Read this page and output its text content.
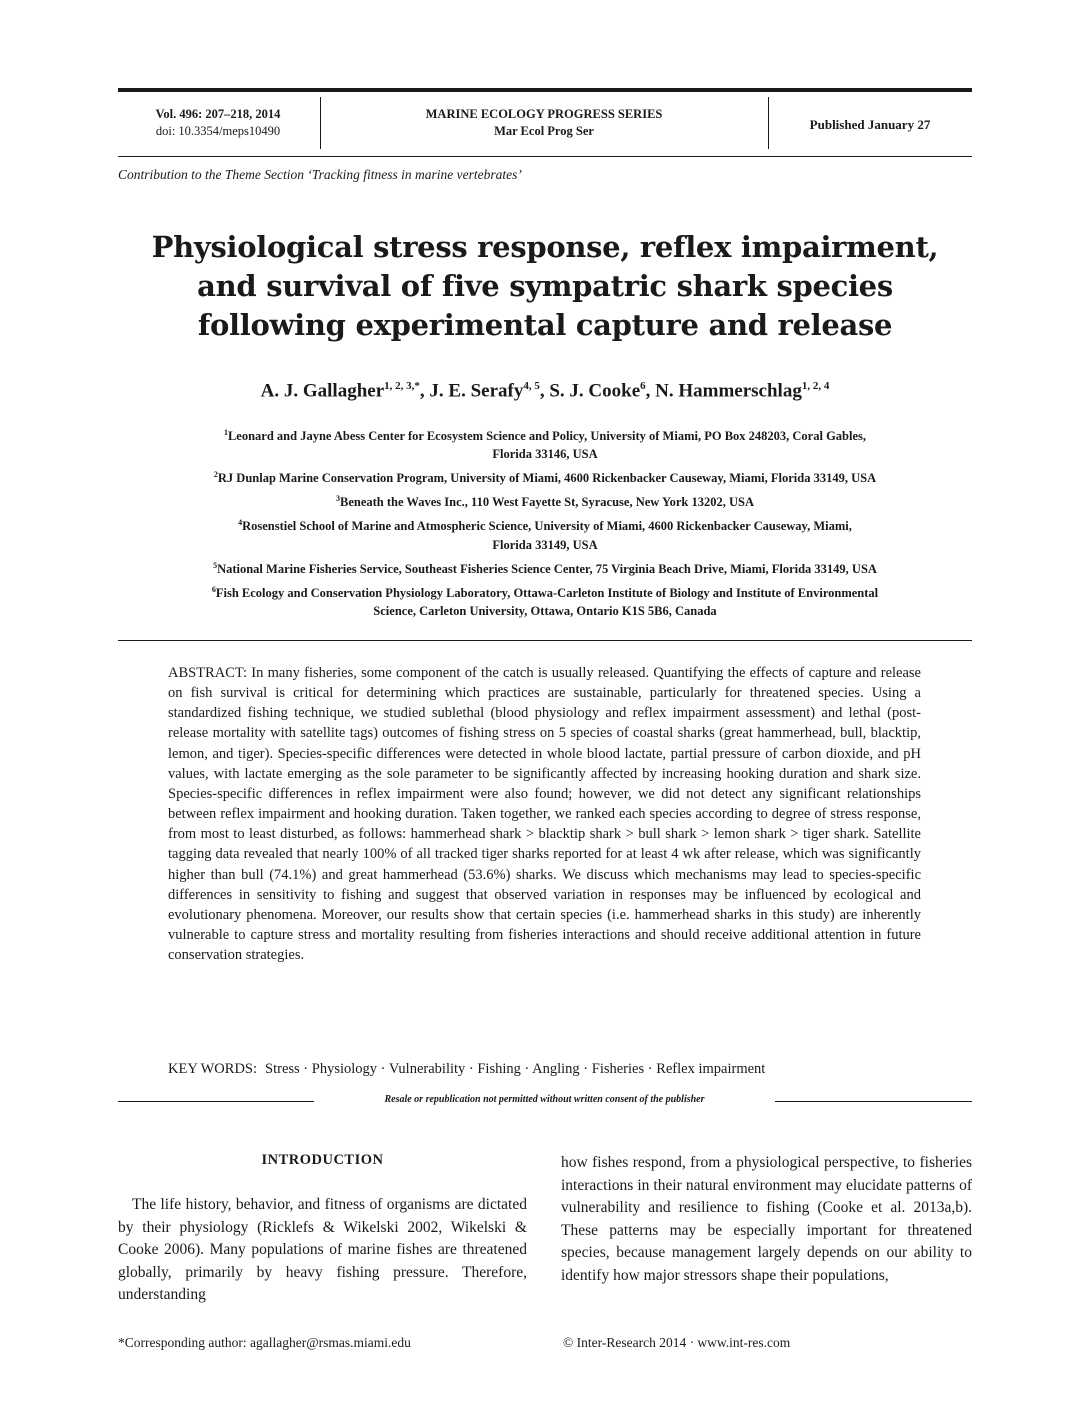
Vol. 496: 207–218, 2014
doi: 10.3354/meps10490
MARINE ECOLOGY PROGRESS SERIES
Mar Ecol Prog Ser	Published January 27
Contribution to the Theme Section ‘Tracking fitness in marine vertebrates’
Physiological stress response, reflex impairment,
and survival of five sympatric shark species
following experimental capture and release
A. J. Gallagher$^{1, 2, 3,*}$, J. E. Serafy$^{4, 5}$, S. J. Cooke$^6$, N. Hammerschlag$^{1, 2, 4}$
$^1$Leonard and Jayne Abess Center for Ecosystem Science and Policy, University of Miami, PO Box 248203, Coral Gables,
Florida 33146, USA
$^2$RJ Dunlap Marine Conservation Program, University of Miami, 4600 Rickenbacker Causeway, Miami, Florida 33149, USA
$^3$Beneath the Waves Inc., 110 West Fayette St, Syracuse, New York 13202, USA
$^4$Rosenstiel School of Marine and Atmospheric Science, University of Miami, 4600 Rickenbacker Causeway, Miami,
Florida 33149, USA
$^5$National Marine Fisheries Service, Southeast Fisheries Science Center, 75 Virginia Beach Drive, Miami, Florida 33149, USA
$^6$Fish Ecology and Conservation Physiology Laboratory, Ottawa-Carleton Institute of Biology and Institute of Environmental
Science, Carleton University, Ottawa, Ontario K1S 5B6, Canada
ABSTRACT: In many fisheries, some component of the catch is usually released. Quantifying the effects of capture and release on fish survival is critical for determining which practices are sustainable, particularly for threatened species. Using a standardized fishing technique, we studied sublethal (blood physiology and reflex impairment assessment) and lethal (post-release mortality with satellite tags) outcomes of fishing stress on 5 species of coastal sharks (great hammerhead, bull, blacktip, lemon, and tiger). Species-specific differences were detected in whole blood lactate, partial pressure of carbon dioxide, and pH values, with lactate emerging as the sole parameter to be significantly affected by increasing hooking duration and shark size. Species-specific differences in reflex impairment were also found; however, we did not detect any significant relationships between reflex impairment and hooking duration. Taken together, we ranked each species according to degree of stress response, from most to least disturbed, as follows: hammerhead shark > blacktip shark > bull shark > lemon shark > tiger shark. Satellite tagging data revealed that nearly 100% of all tracked tiger sharks reported for at least 4 wk after release, which was significantly higher than bull (74.1%) and great hammerhead (53.6%) sharks. We discuss which mechanisms may lead to species-specific differences in sensitivity to fishing and suggest that observed variation in responses may be influenced by ecological and evolutionary phenomena. Moreover, our results show that certain species (i.e. hammerhead sharks in this study) are inherently vulnerable to capture stress and mortality resulting from fisheries interactions and should receive additional attention in future conservation strategies.
KEY WORDS: Stress · Physiology · Vulnerability · Fishing · Angling · Fisheries · Reflex impairment
Resale or republication not permitted without written consent of the publisher
INTRODUCTION
The life history, behavior, and fitness of organisms are dictated by their physiology (Ricklefs & Wikelski 2002, Wikelski & Cooke 2006). Many populations of marine fishes are threatened globally, primarily by heavy fishing pressure. Therefore, understanding
how fishes respond, from a physiological perspective, to fisheries interactions in their natural environment may elucidate patterns of vulnerability and resilience to fishing (Cooke et al. 2013a,b). These patterns may be especially important for threatened species, because management largely depends on our ability to identify how major stressors shape their populations,
*Corresponding author: agallagher@rsmas.miami.edu	© Inter-Research 2014 · www.int-res.com
